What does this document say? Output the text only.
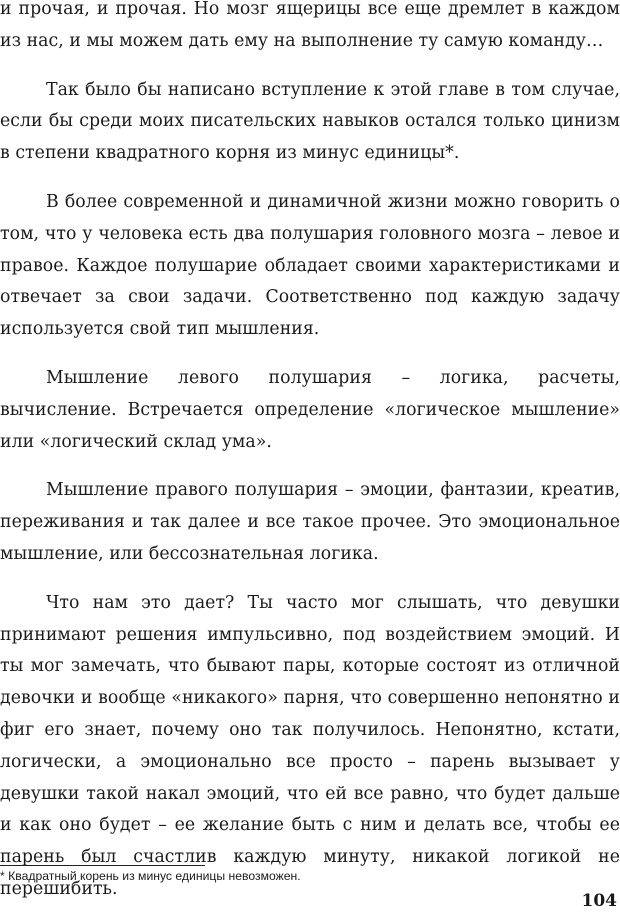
и прочая, и прочая. Но мозг ящерицы все еще дремлет в каждом из нас, и мы можем дать ему на выполнение ту самую команду…

Так было бы написано вступление к этой главе в том случае, если бы среди моих писательских навыков остался только цинизм в степени квадратного корня из минус единицы*.

В более современной и динамичной жизни можно говорить о том, что у человека есть два полушария головного мозга – левое и правое. Каждое полушарие обладает своими характеристиками и отвечает за свои задачи. Соответственно под каждую задачу используется свой тип мышления.

Мышление левого полушария – логика, расчеты, вычисление. Встречается определение «логическое мышление» или «логический склад ума».

Мышление правого полушария – эмоции, фантазии, креатив, переживания и так далее и все такое прочее. Это эмоциональное мышление, или бессознательная логика.

Что нам это дает? Ты часто мог слышать, что девушки принимают решения импульсивно, под воздействием эмоций. И ты мог замечать, что бывают пары, которые состоят из отличной девочки и вообще «никакого» парня, что совершенно непонятно и фиг его знает, почему оно так получилось. Непонятно, кстати, логически, а эмоционально все просто – парень вызывает у девушки такой накал эмоций, что ей все равно, что будет дальше и как оно будет – ее желание быть с ним и делать все, чтобы ее парень был счастлив каждую минуту, никакой логикой не перешибить.

* Квадратный корень из минус единицы невозможен.
104
